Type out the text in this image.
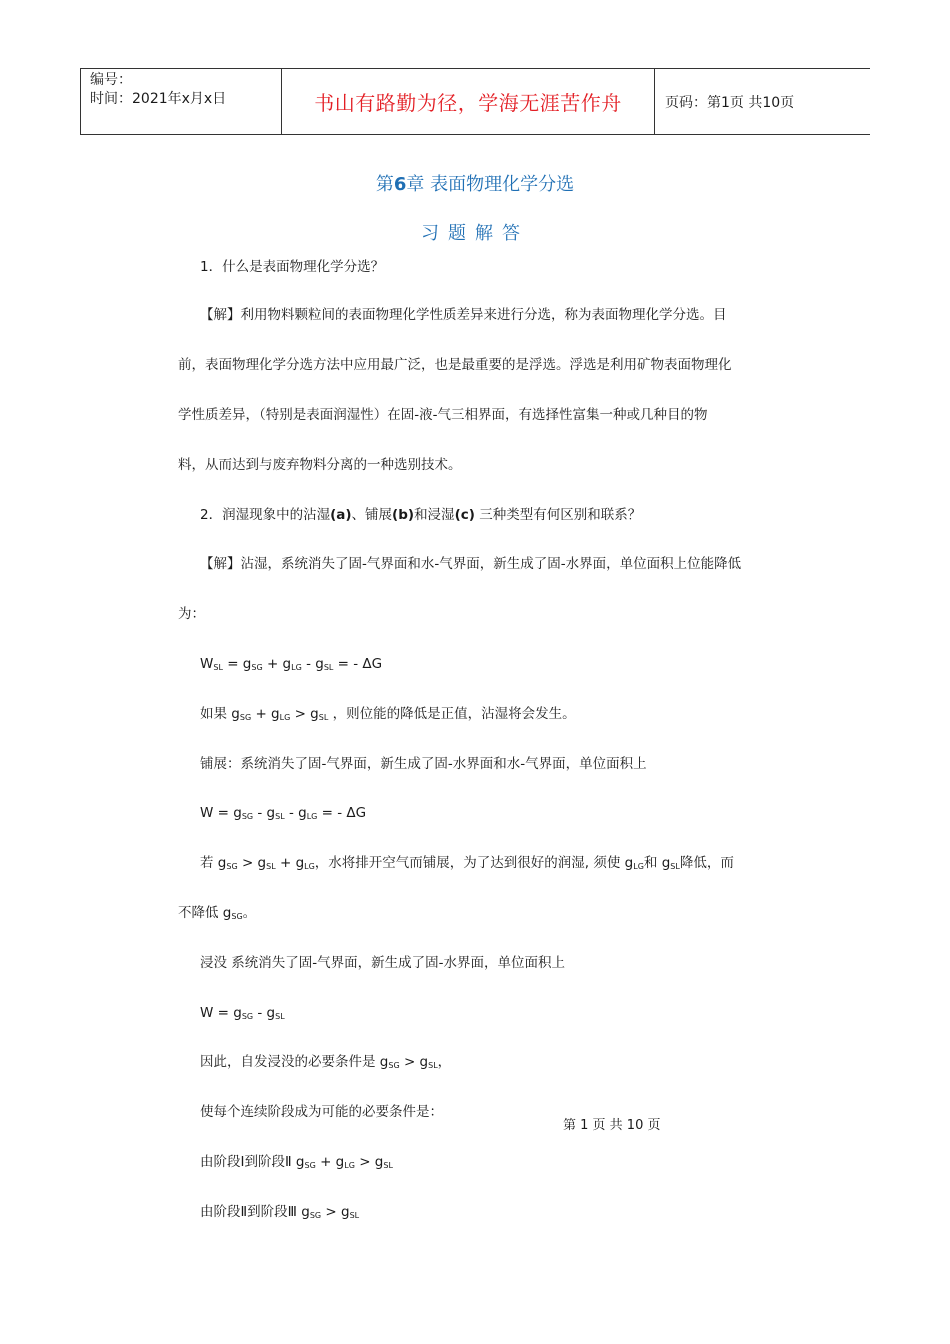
编号：
时间：2021年x月x日	书山有路勤为径，学海无涯苦作舟	页码：第1页 共10页
第6章 表面物理化学分选
习题解答
1．什么是表面物理化学分选？
【解】利用物料颗粒间的表面物理化学性质差异来进行分选，称为表面物理化学分选。目
前，表面物理化学分选方法中应用最广泛，也是最重要的是浮选。浮选是利用矿物表面物理化
学性质差异，（特别是表面润湿性）在固-液-气三相界面，有选择性富集一种或几种目的物
料，从而达到与废弃物料分离的一种选别技术。
2．润湿现象中的沾湿(a)、铺展(b)和浸湿(c) 三种类型有何区别和联系？
【解】沾湿，系统消失了固-气界面和水-气界面，新生成了固-水界面，单位面积上位能降低
为：
$W_{SL} = g_{SG} + g_{LG} - g_{SL}$ = - ΔG
如果 $g_{SG} + g_{LG} > g_{SL}$ ，则位能的降低是正值，沾湿将会发生。
铺展：系统消失了固-气界面，新生成了固-水界面和水-气界面，单位面积上
$W = g_{SG} - g_{SL} - g_{LG}$ = - ΔG
若 $g_{SG} > g_{SL} + g_{LG}$，水将排开空气而铺展，为了达到很好的润湿, 须使 $g_{LG}$和 $g_{SL}$降低，而
不降低 $g_{SG}$。
浸没 系统消失了固-气界面，新生成了固-水界面，单位面积上
$W = g_{SG} - g_{SL}$
因此，自发浸没的必要条件是 $g_{SG} > g_{SL}$，
使每个连续阶段成为可能的必要条件是：
第 1 页 共 10 页
由阶段Ⅰ到阶段Ⅱ $g_{SG} + g_{LG} > g_{SL}$
由阶段Ⅱ到阶段Ⅲ $g_{SG} > g_{SL}$
